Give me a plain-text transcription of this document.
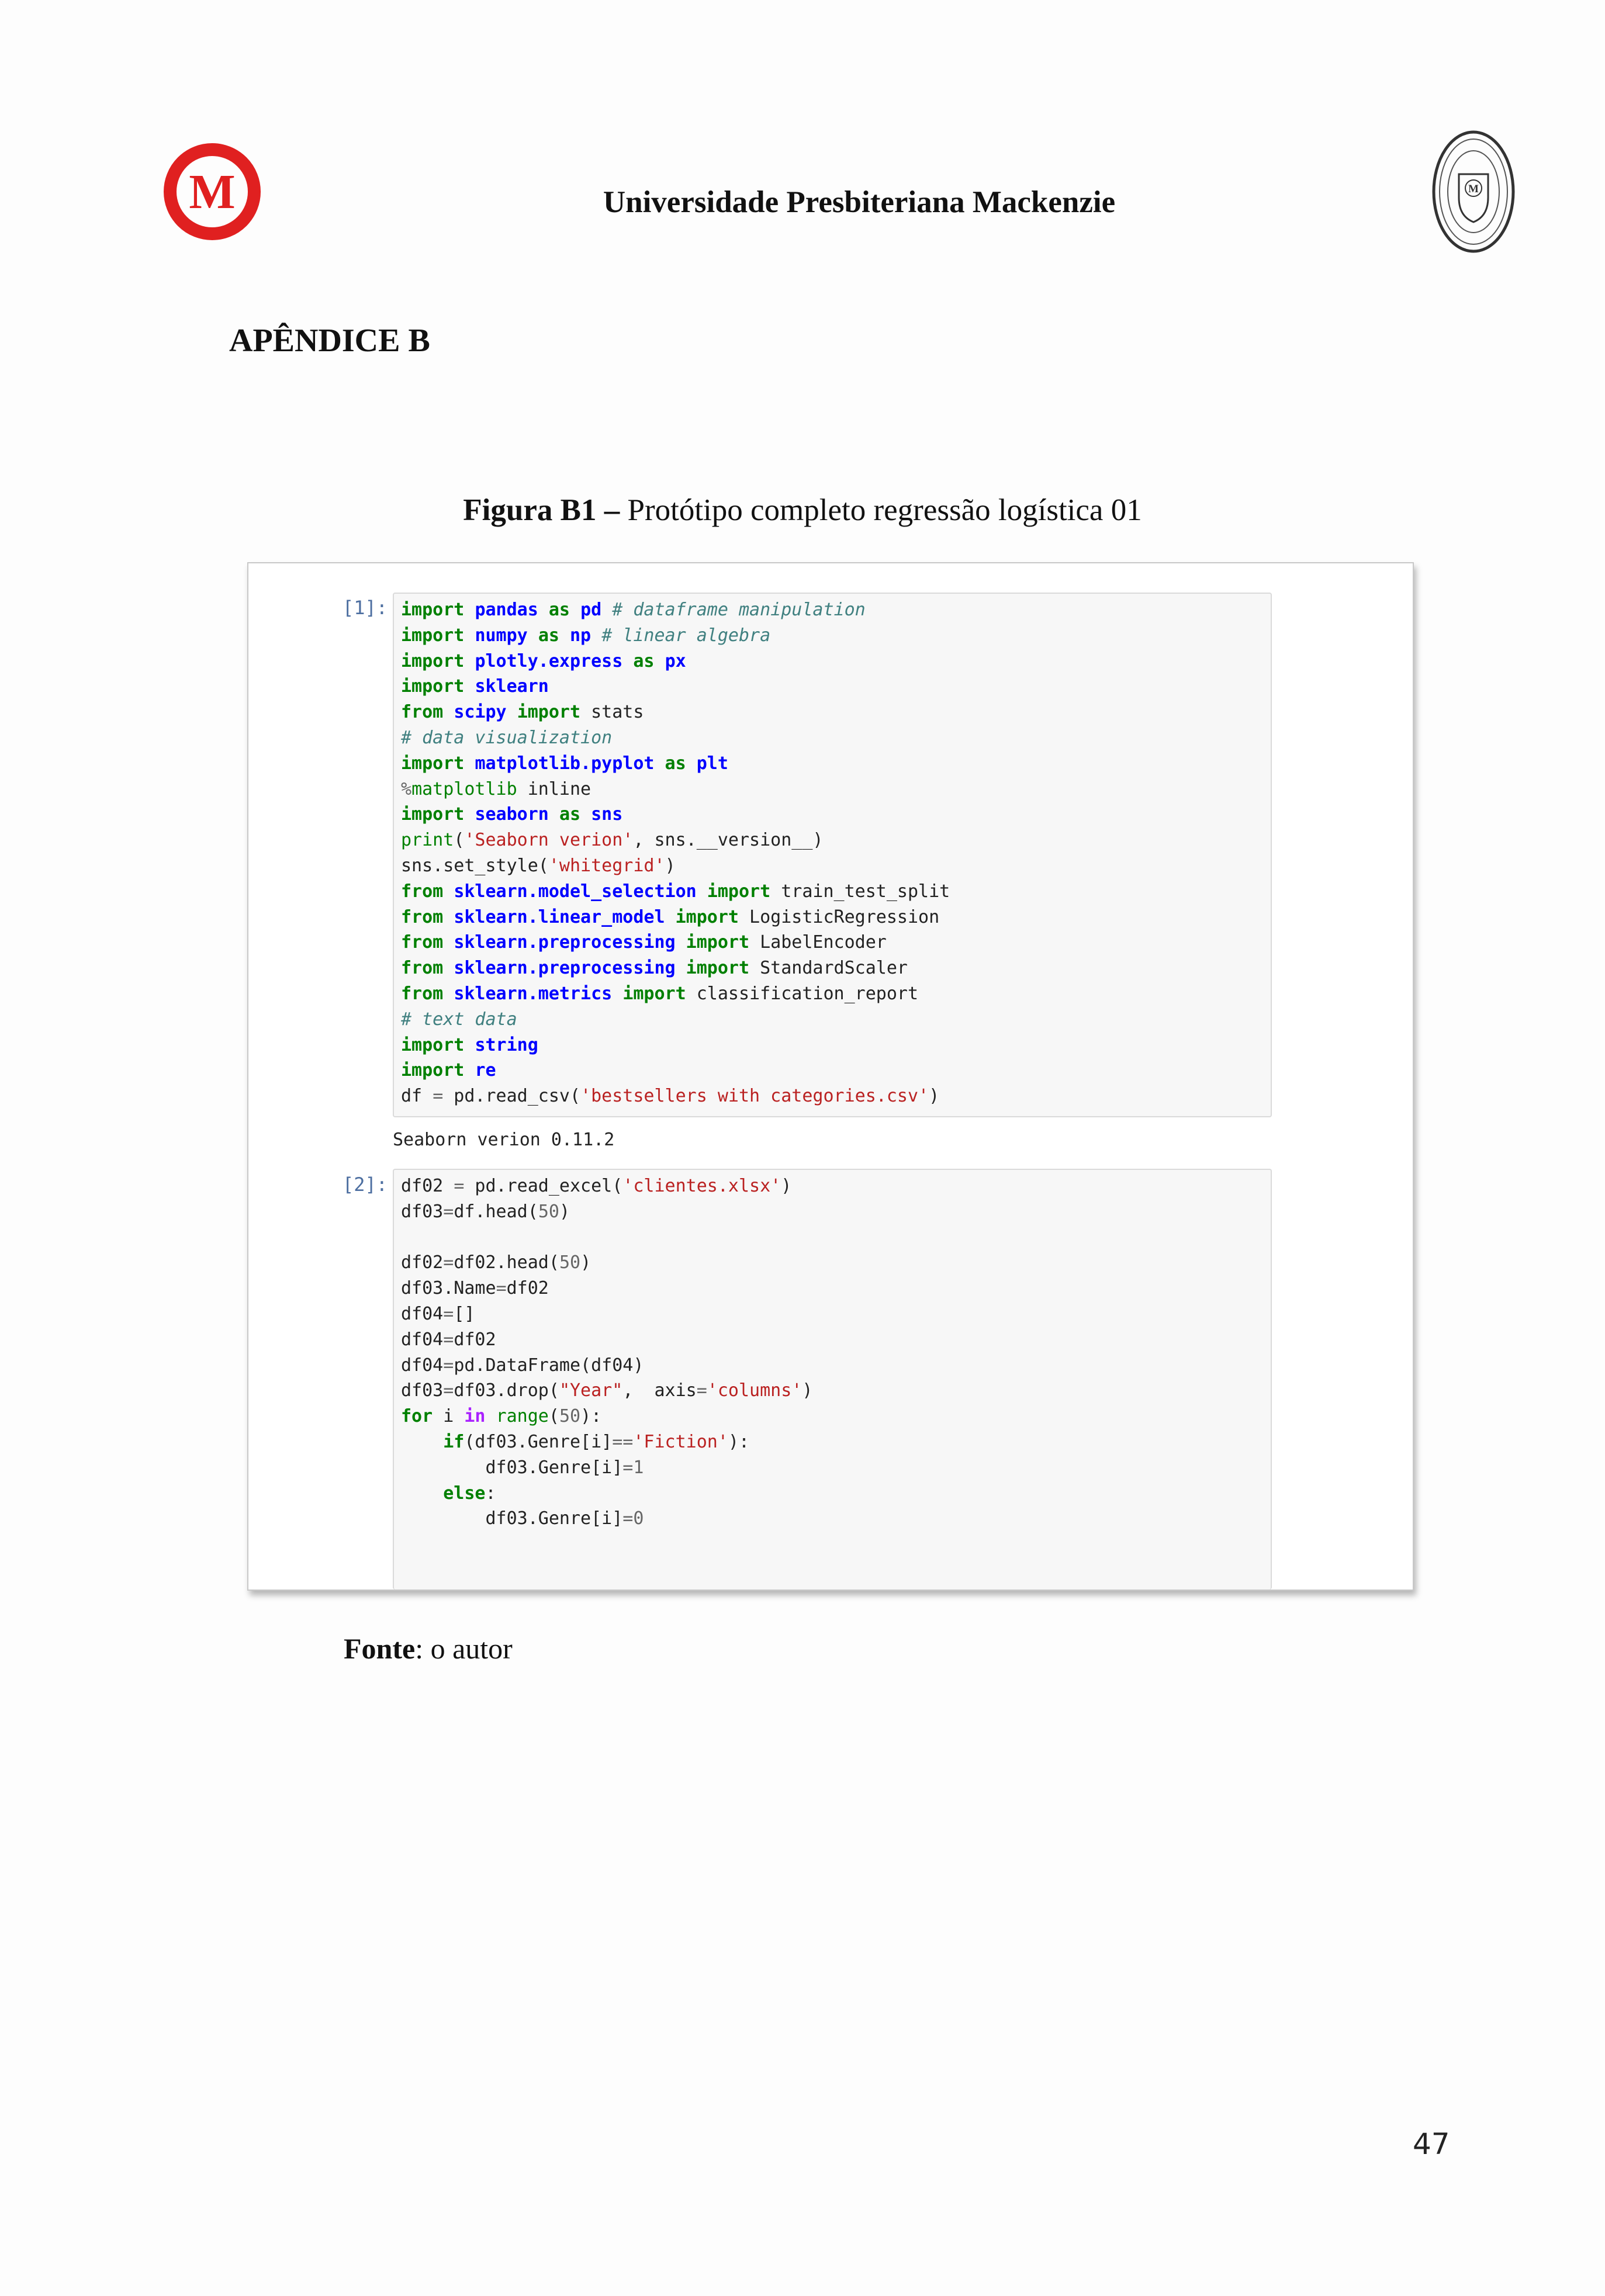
M	Universidade Presbiteriana Mackenzie	M
APÊNDICE B
Figura B1 – Protótipo completo regressão logística 01
[1]: import pandas as pd # dataframe manipulation
import numpy as np # linear algebra
import plotly.express as px
import sklearn
from scipy import stats
# data visualization
import matplotlib.pyplot as plt
%matplotlib inline
import seaborn as sns
print('Seaborn verion', sns.__version__)
sns.set_style('whitegrid')
from sklearn.model_selection import train_test_split
from sklearn.linear_model import LogisticRegression
from sklearn.preprocessing import LabelEncoder
from sklearn.preprocessing import StandardScaler
from sklearn.metrics import classification_report
# text data
import string
import re
df = pd.read_csv('bestsellers with categories.csv')
Seaborn verion 0.11.2
[2]: df02 = pd.read_excel('clientes.xlsx')
df03=df.head(50)
df02=df02.head(50)
df03.Name=df02
df04=[]
df04=df02
df04=pd.DataFrame(df04)
df03=df03.drop("Year",  axis='columns')
for i in range(50):
if(df03.Genre[i]=='Fiction'):
df03.Genre[i]=1
else:
df03.Genre[i]=0
Fonte: o autor
47
